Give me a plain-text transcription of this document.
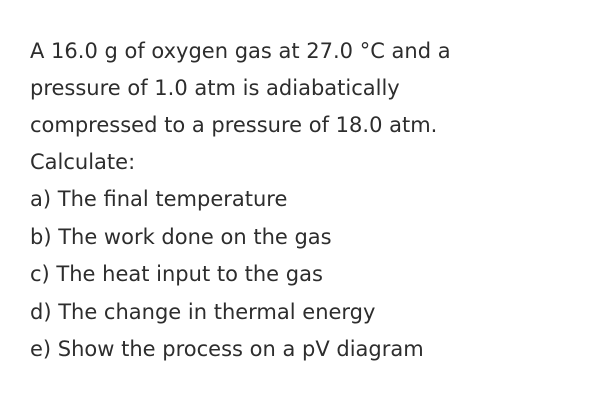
A 16.0 g of oxygen gas at 27.0 °C and a

pressure of 1.0 atm is adiabatically

compressed to a pressure of 18.0 atm.

Calculate:

a) The final temperature
b) The work done on the gas
c) The heat input to the gas
d) The change in thermal energy
e) Show the process on a pV diagram
